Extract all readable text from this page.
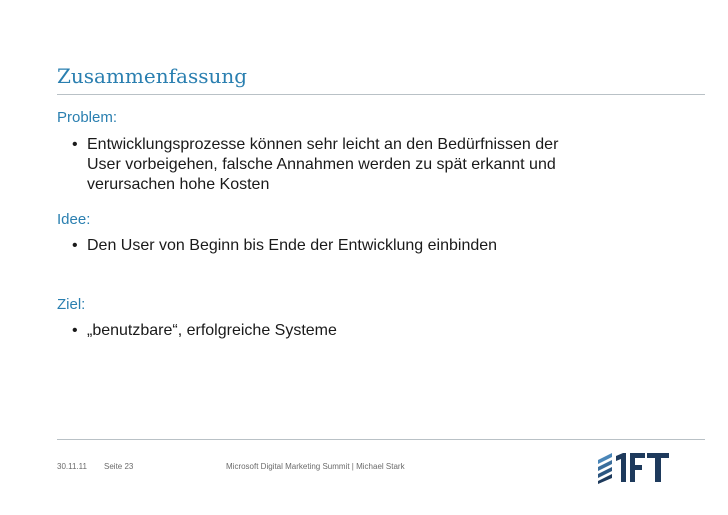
Zusammenfassung
Problem:
• Entwicklungsprozesse können sehr leicht an den Bedürfnissen der
User vorbeigehen, falsche Annahmen werden zu spät erkannt und
verursachen hohe Kosten
Idee:
• Den User von Beginn bis Ende der Entwicklung einbinden
Ziel:
• „benutzbare“, erfolgreiche Systeme
30.11.11 Seite 23	Microsoft Digital Marketing Summit | Michael Stark
